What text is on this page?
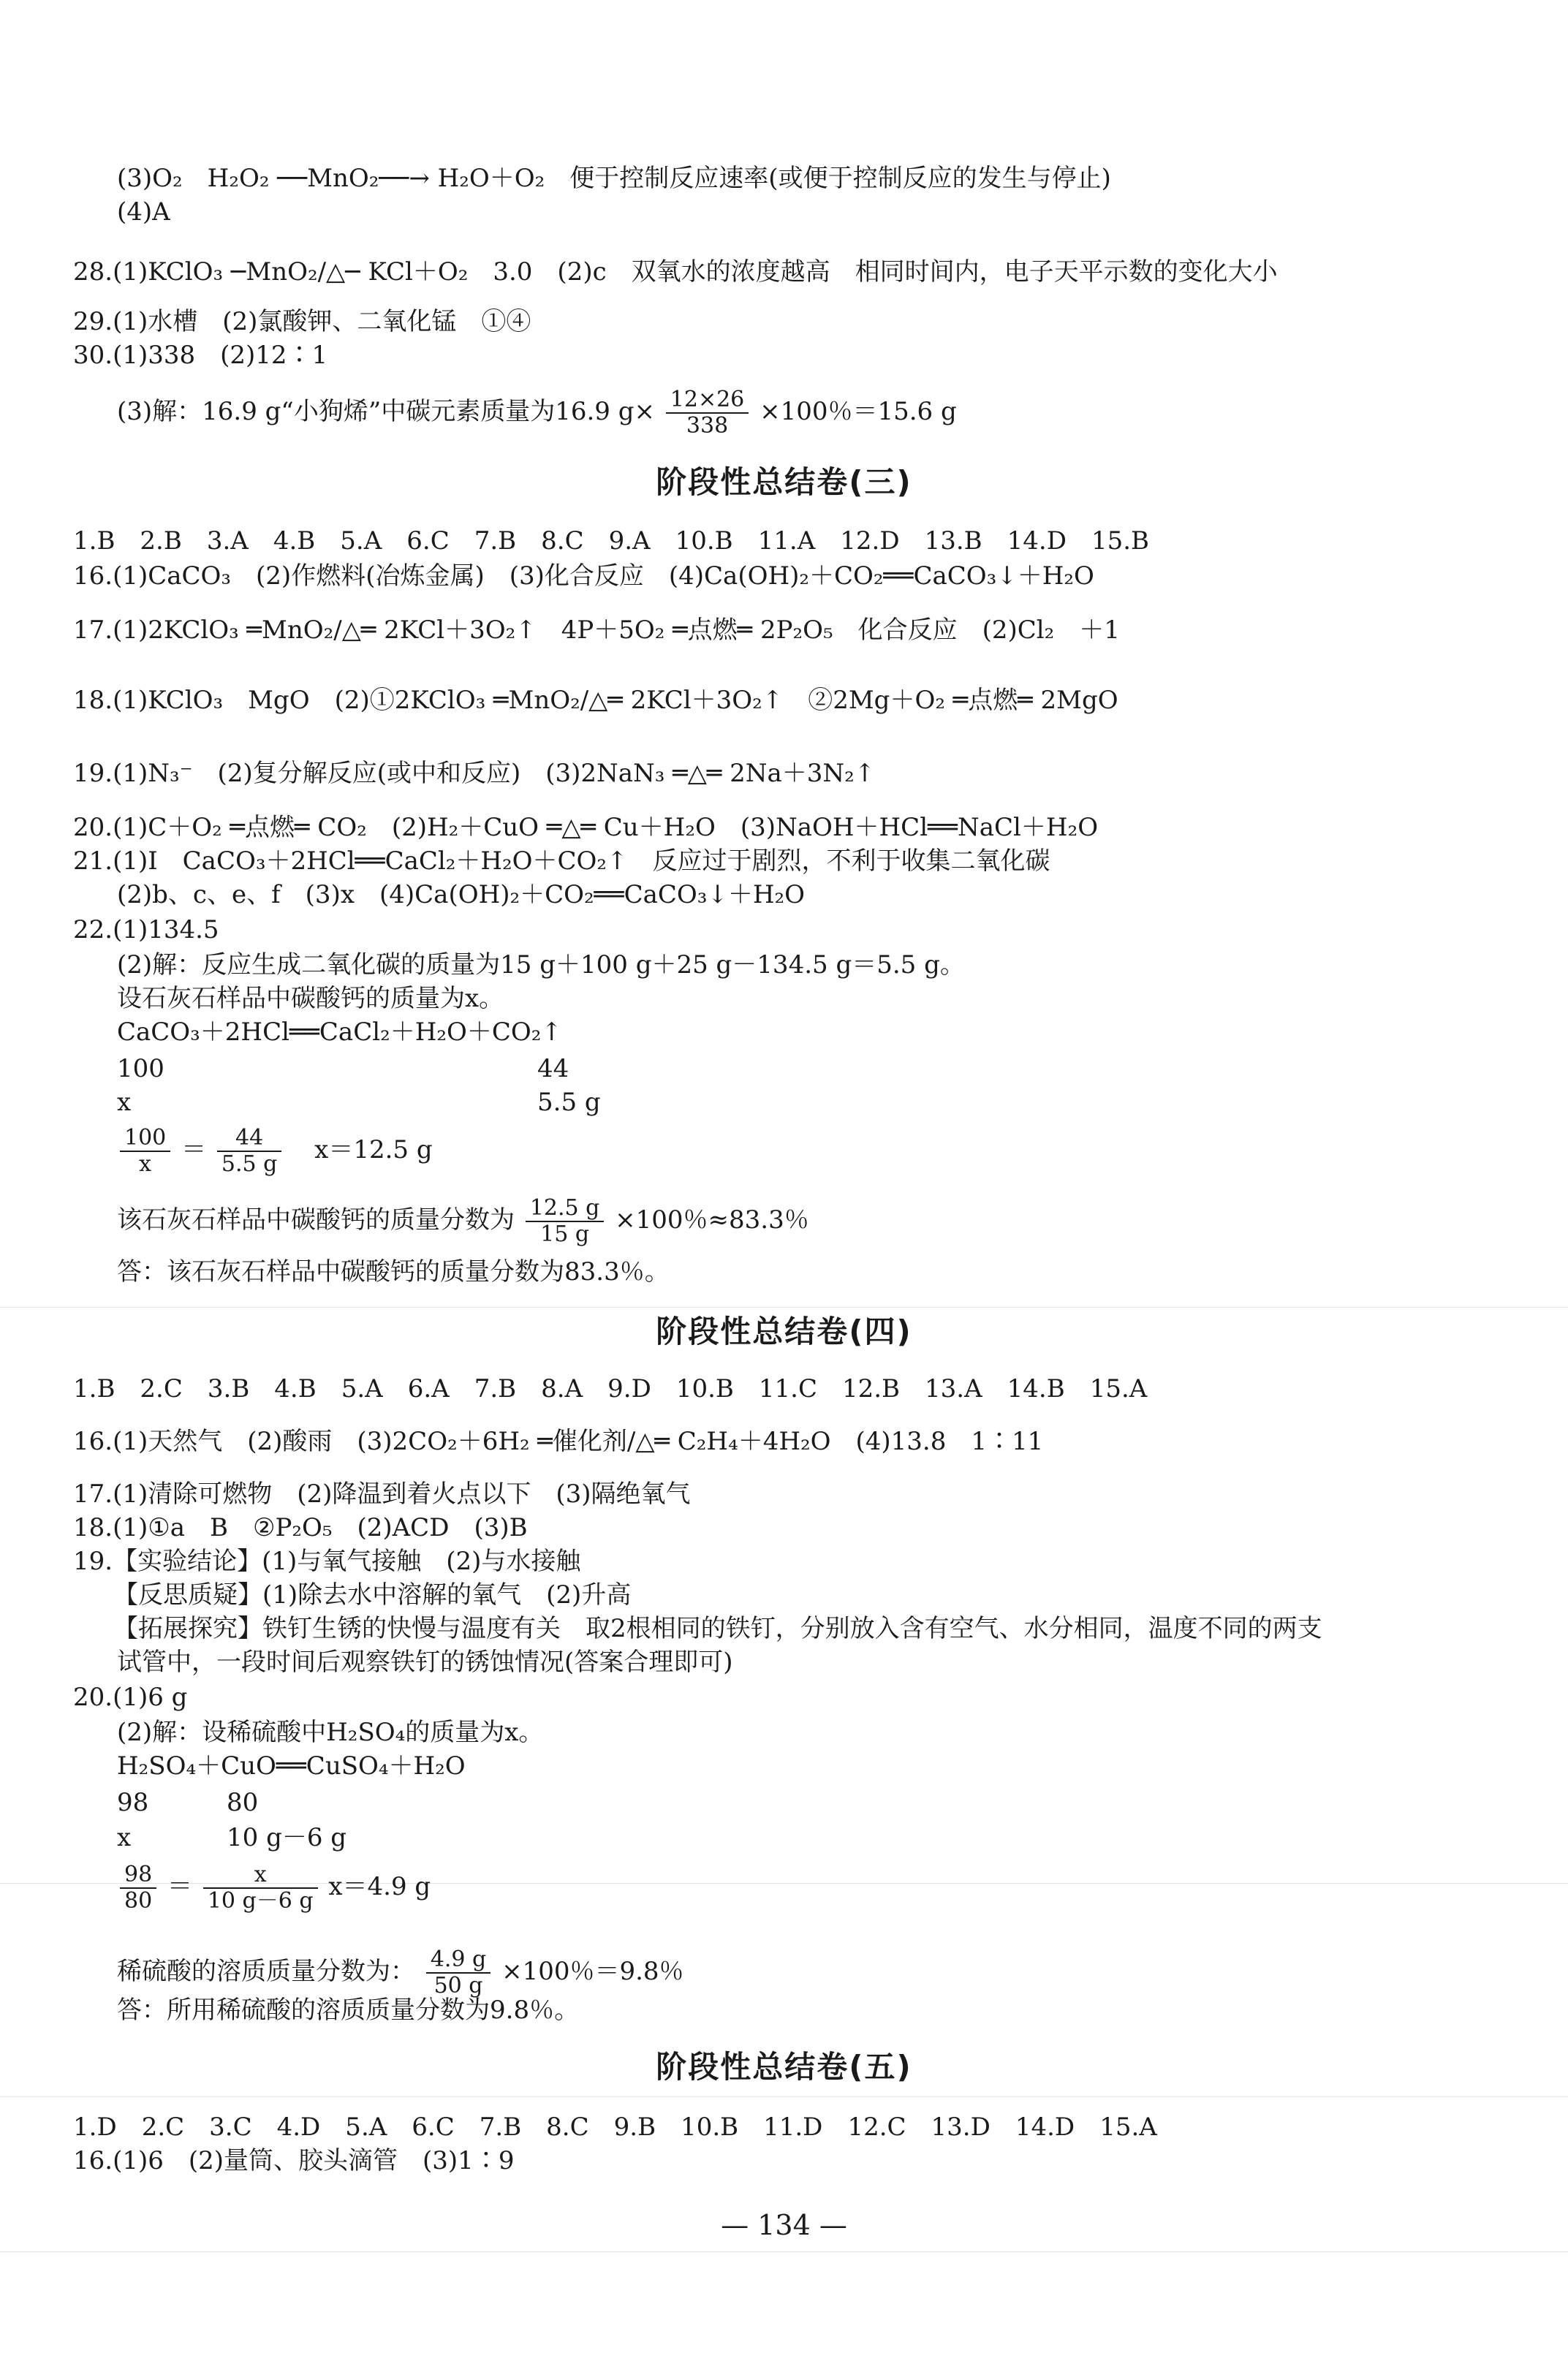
(3)O₂　H₂O₂ ──MnO₂──→ H₂O＋O₂　便于控制反应速率(或便于控制反应的发生与停止)
(4)A
28.(1)KClO₃ ─MnO₂/△─ KCl＋O₂　3.0　(2)c　双氧水的浓度越高　相同时间内，电子天平示数的变化大小
29.(1)水槽　(2)氯酸钾、二氧化锰　①④
30.(1)338　(2)12∶1
(3)解：16.9 g“小狗烯”中碳元素质量为16.9 $g\times \frac{12\times 26}{338} \times 100$％＝15.6 g
阶段性总结卷(三)
1.B　2.B　3.A　4.B　5.A　6.C　7.B　8.C　9.A　10.B　11.A　12.D　13.B　14.D　15.B
16.(1)CaCO₃　(2)作燃料(冶炼金属)　(3)化合反应　(4)Ca(OH)₂＋CO₂══CaCO₃↓＋H₂O
17.(1)2KClO₃ ═MnO₂/△═ 2KCl＋3O₂↑　4P＋5O₂ ═点燃═ 2P₂O₅　化合反应　(2)Cl₂　＋1
18.(1)KClO₃　MgO　(2)①2KClO₃ ═MnO₂/△═ 2KCl＋3O₂↑　②2Mg＋O₂ ═点燃═ 2MgO
19.(1)N₃⁻　(2)复分解反应(或中和反应)　(3)2NaN₃ ═△═ 2Na＋3N₂↑
20.(1)C＋O₂ ═点燃═ CO₂　(2)H₂＋CuO ═△═ Cu＋H₂O　(3)NaOH＋HCl══NaCl＋H₂O
21.(1)Ⅰ　CaCO₃＋2HCl══CaCl₂＋H₂O＋CO₂↑　反应过于剧烈，不利于收集二氧化碳
(2)b、c、e、f　(3)x　(4)Ca(OH)₂＋CO₂══CaCO₃↓＋H₂O
22.(1)134.5
(2)解：反应生成二氧化碳的质量为15 g＋100 g＋25 g－134.5 g＝5.5 g。
设石灰石样品中碳酸钙的质量为x。
CaCO₃＋2HCl══CaCl₂＋H₂O＋CO₂↑
100	44
x	5.5 g
$\frac{100}{x} = \frac{44}{5.5 g} x=12.5$ g
该石灰石样品中碳酸钙的质量分数为 $\frac{12.5 g}{15 g} \times 100$％≈83.3％
答：该石灰石样品中碳酸钙的质量分数为83.3％。
阶段性总结卷(四)
1.B　2.C　3.B　4.B　5.A　6.A　7.B　8.A　9.D　10.B　11.C　12.B　13.A　14.B　15.A
16.(1)天然气　(2)酸雨　(3)2CO₂＋6H₂ ═催化剂/△═ C₂H₄＋4H₂O　(4)13.8　1∶11
17.(1)清除可燃物　(2)降温到着火点以下　(3)隔绝氧气
18.(1)①a　B　②P₂O₅　(2)ACD　(3)B
19.【实验结论】(1)与氧气接触　(2)与水接触
【反思质疑】(1)除去水中溶解的氧气　(2)升高
【拓展探究】铁钉生锈的快慢与温度有关　取2根相同的铁钉，分别放入含有空气、水分相同，温度不同的两支
试管中，一段时间后观察铁钉的锈蚀情况(答案合理即可)
20.(1)6 g
(2)解：设稀硫酸中H₂SO₄的质量为x。
H₂SO₄＋CuO══CuSO₄＋H₂O
98	80
x	10 g－6 g
$\frac{98}{80} = \frac{x}{10 g-6 g} x=4.9$ g
稀硫酸的溶质质量分数为： $\frac{4.9 g}{50 g} \times 100$％＝9.8％
答：所用稀硫酸的溶质质量分数为9.8％。
阶段性总结卷(五)
1.D　2.C　3.C　4.D　5.A　6.C　7.B　8.C　9.B　10.B　11.D　12.C　13.D　14.D　15.A
16.(1)6　(2)量筒、胶头滴管　(3)1∶9
— 134 —
